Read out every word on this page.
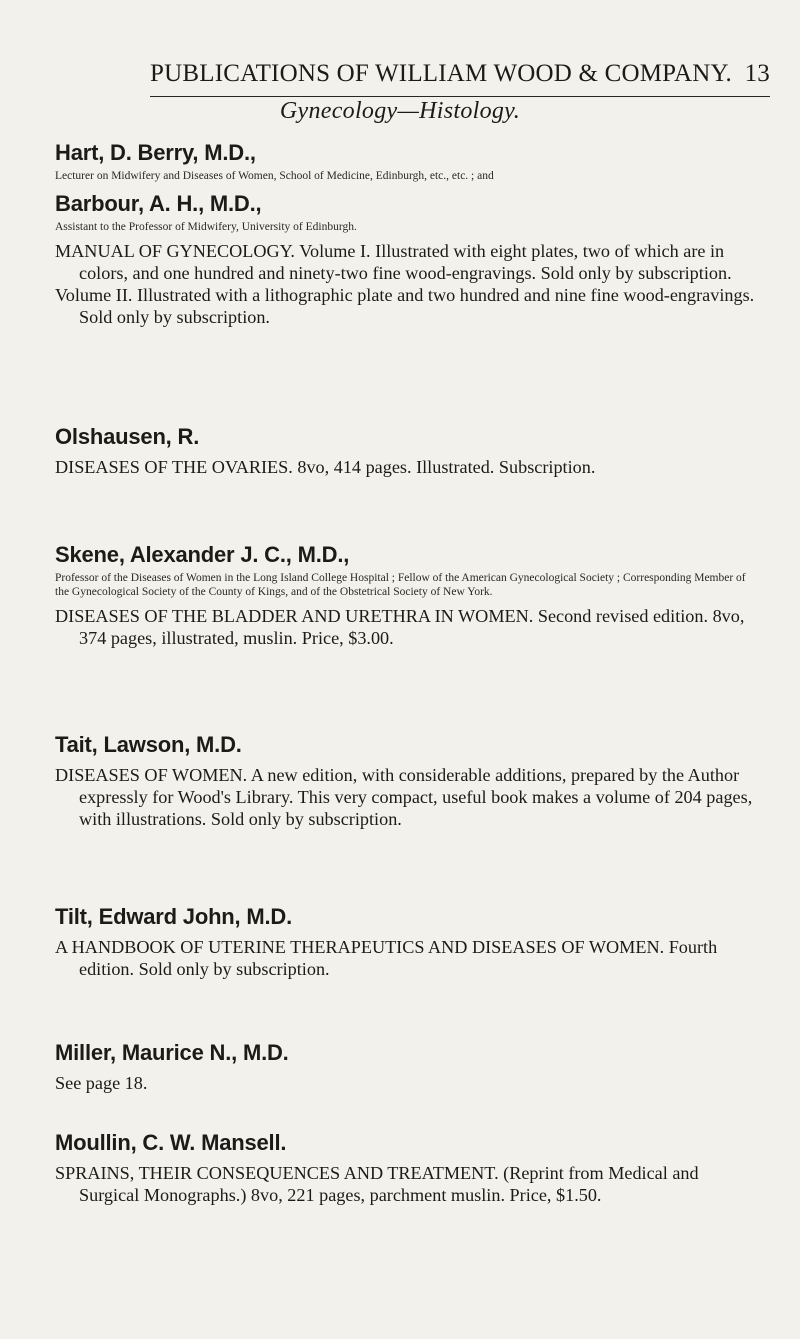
PUBLICATIONS OF WILLIAM WOOD & COMPANY. 13
Gynecology—Histology.
Hart, D. Berry, M.D.,
Lecturer on Midwifery and Diseases of Women, School of Medicine, Edinburgh, etc., etc. ; and
Barbour, A. H., M.D.,
Assistant to the Professor of Midwifery, University of Edinburgh.
MANUAL OF GYNECOLOGY. Volume I. Illustrated with eight plates, two of which are in colors, and one hundred and ninety-two fine wood-engravings. Sold only by subscription.
Volume II. Illustrated with a lithographic plate and two hundred and nine fine wood-engravings. Sold only by subscription.
Olshausen, R.
DISEASES OF THE OVARIES. 8vo, 414 pages. Illustrated. Subscription.
Skene, Alexander J. C., M.D.,
Professor of the Diseases of Women in the Long Island College Hospital ; Fellow of the American Gynecological Society ; Corresponding Member of the Gynecological Society of the County of Kings, and of the Obstetrical Society of New York.
DISEASES OF THE BLADDER AND URETHRA IN WOMEN. Second revised edition. 8vo, 374 pages, illustrated, muslin. Price, $3.00.
Tait, Lawson, M.D.
DISEASES OF WOMEN. A new edition, with considerable additions, prepared by the Author expressly for Wood's Library. This very compact, useful book makes a volume of 204 pages, with illustrations. Sold only by subscription.
Tilt, Edward John, M.D.
A HANDBOOK OF UTERINE THERAPEUTICS AND DISEASES OF WOMEN. Fourth edition. Sold only by subscription.
Miller, Maurice N., M.D.
See page 18.
Moullin, C. W. Mansell.
SPRAINS, THEIR CONSEQUENCES AND TREATMENT. (Reprint from Medical and Surgical Monographs.) 8vo, 221 pages, parchment muslin. Price, $1.50.
